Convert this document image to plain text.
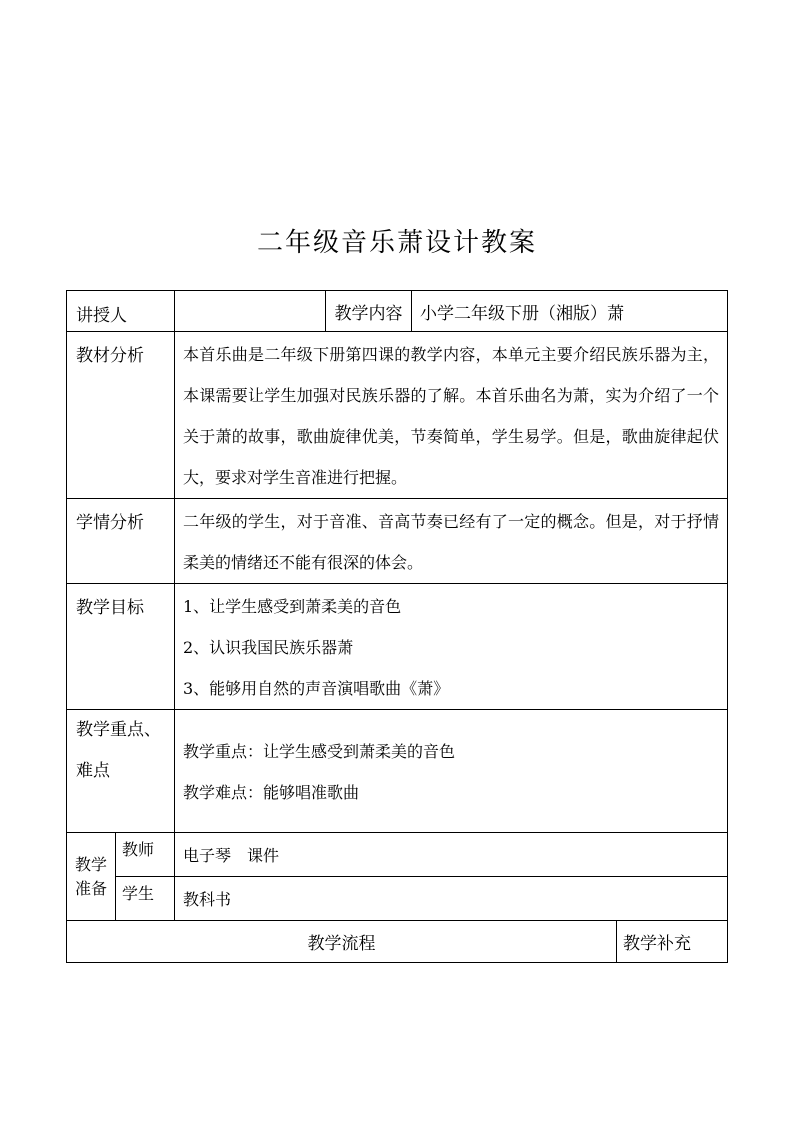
二年级音乐萧设计教案
讲授人			教学内容	小学二年级下册（湘版）萧	
教材分析		本首乐曲是二年级下册第四课的教学内容，本单元主要介绍民族乐器为主，本课需要让学生加强对民族乐器的了解。本首乐曲名为萧，实为介绍了一个关于萧的故事，歌曲旋律优美，节奏简单，学生易学。但是，歌曲旋律起伏大，要求对学生音准进行把握。			
学情分析		二年级的学生，对于音准、音高节奏已经有了一定的概念。但是，对于抒情柔美的情绪还不能有很深的体会。			
教学目标		1、让学生感受到萧柔美的音色
2、认识我国民族乐器萧
3、能够用自然的声音演唱歌曲《萧》			

教学重点、难点		教学重点：让学生感受到萧柔美的音色
教学难点：能够唱准歌曲			

教学准备	教师	电子琴　课件			
	学生	教科书			
教学流程					教学补充
